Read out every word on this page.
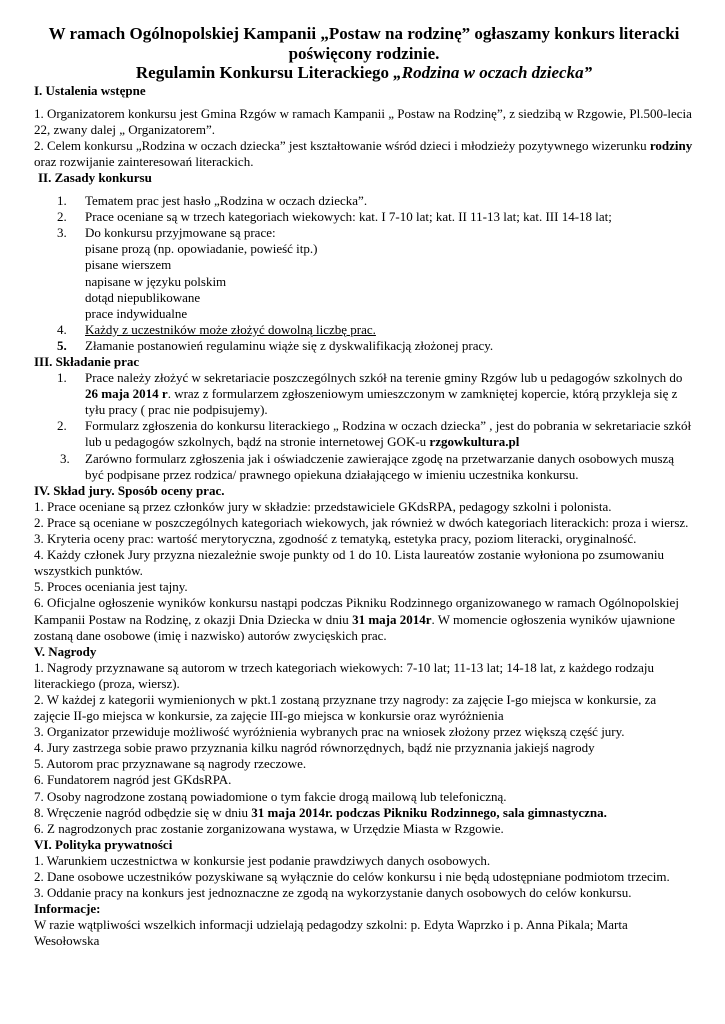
W ramach Ogólnopolskiej Kampanii „Postaw na rodzinę” ogłaszamy konkurs literacki poświęcony rodzinie.
Regulamin Konkursu Literackiego „Rodzina w oczach dziecka”

I. Ustalenia wstępne

1. Organizatorem konkursu jest Gmina Rzgów w ramach Kampanii „ Postaw na Rodzinę”, z siedzibą w Rzgowie, Pl.500-lecia 22, zwany dalej „ Organizatorem”.

2. Celem konkursu „Rodzina w oczach dziecka” jest kształtowanie wśród dzieci i młodzieży pozytywnego wizerunku rodziny oraz rozwijanie zainteresowań literackich.

II. Zasady konkursu

1. Tematem prac jest hasło „Rodzina w oczach dziecka”.
2. Prace oceniane są w trzech kategoriach wiekowych: kat. I 7-10 lat; kat. II 11-13 lat; kat. III 14-18 lat;
3. Do konkursu przyjmowane są prace:
pisane prozą (np. opowiadanie, powieść itp.)
pisane wierszem
napisane w języku polskim
dotąd niepublikowane
prace indywidualne
4. Każdy z uczestników może złożyć dowolną liczbę prac.
5. Złamanie postanowień regulaminu wiąże się z dyskwalifikacją złożonej pracy.

III. Składanie prac

1. Prace należy złożyć w sekretariacie poszczególnych szkół na terenie gminy Rzgów lub u pedagogów szkolnych do 26 maja 2014 r. wraz z formularzem zgłoszeniowym umieszczonym w zamkniętej kopercie, którą przykleja się z tyłu pracy ( prac nie podpisujemy).
2. Formularz zgłoszenia do konkursu literackiego „ Rodzina w oczach dziecka” , jest do pobrania w sekretariacie szkół lub u pedagogów szkolnych, bądź na stronie internetowej GOK-u rzgowkultura.pl
3. Zarówno formularz zgłoszenia jak i oświadczenie zawierające zgodę na przetwarzanie danych osobowych muszą być podpisane przez rodzica/ prawnego opiekuna działającego w imieniu uczestnika konkursu.

IV. Skład jury. Sposób oceny prac.

1. Prace oceniane są przez członków jury w składzie: przedstawiciele GKdsRPA, pedagogy szkolni i polonista.

2. Prace są oceniane w poszczególnych kategoriach wiekowych, jak również w dwóch kategoriach literackich: proza i wiersz.

3. Kryteria oceny prac: wartość merytoryczna, zgodność z tematyką, estetyka pracy, poziom literacki, oryginalność.

4. Każdy członek Jury przyzna niezależnie swoje punkty od 1 do 10. Lista laureatów zostanie wyłoniona po zsumowaniu wszystkich punktów.

5. Proces oceniania jest tajny.

6. Oficjalne ogłoszenie wyników konkursu nastąpi podczas Pikniku Rodzinnego organizowanego w ramach Ogólnopolskiej Kampanii Postaw na Rodzinę, z okazji Dnia Dziecka w dniu 31 maja 2014r. W momencie ogłoszenia wyników ujawnione zostaną dane osobowe (imię i nazwisko) autorów zwycięskich prac.

V. Nagrody

1. Nagrody przyznawane są autorom w trzech kategoriach wiekowych: 7-10 lat; 11-13 lat; 14-18 lat, z każdego rodzaju literackiego (proza, wiersz).

2. W każdej z kategorii wymienionych w pkt.1 zostaną przyznane trzy nagrody: za zajęcie I-go miejsca w konkursie, za zajęcie II-go miejsca w konkursie, za zajęcie III-go miejsca w konkursie oraz wyróżnienia

3. Organizator przewiduje możliwość wyróżnienia wybranych prac na wniosek złożony przez większą część jury.

4. Jury zastrzega sobie prawo przyznania kilku nagród równorzędnych, bądź nie przyznania jakiejś nagrody

5. Autorom prac przyznawane są nagrody rzeczowe.

6. Fundatorem nagród jest GKdsRPA.

7. Osoby nagrodzone zostaną powiadomione o tym fakcie drogą mailową lub telefoniczną.

8. Wręczenie nagród odbędzie się w dniu 31 maja 2014r. podczas Pikniku Rodzinnego, sala gimnastyczna.

6. Z nagrodzonych prac zostanie zorganizowana wystawa, w Urzędzie Miasta w Rzgowie.

VI. Polityka prywatności

1. Warunkiem uczestnictwa w konkursie jest podanie prawdziwych danych osobowych.

2. Dane osobowe uczestników pozyskiwane są wyłącznie do celów konkursu i nie będą udostępniane podmiotom trzecim.

3. Oddanie pracy na konkurs jest jednoznaczne ze zgodą na wykorzystanie danych osobowych do celów konkursu.

Informacje:

W razie wątpliwości wszelkich informacji udzielają pedagodzy szkolni: p. Edyta Waprzko i p. Anna Pikala; Marta Wesołowska
